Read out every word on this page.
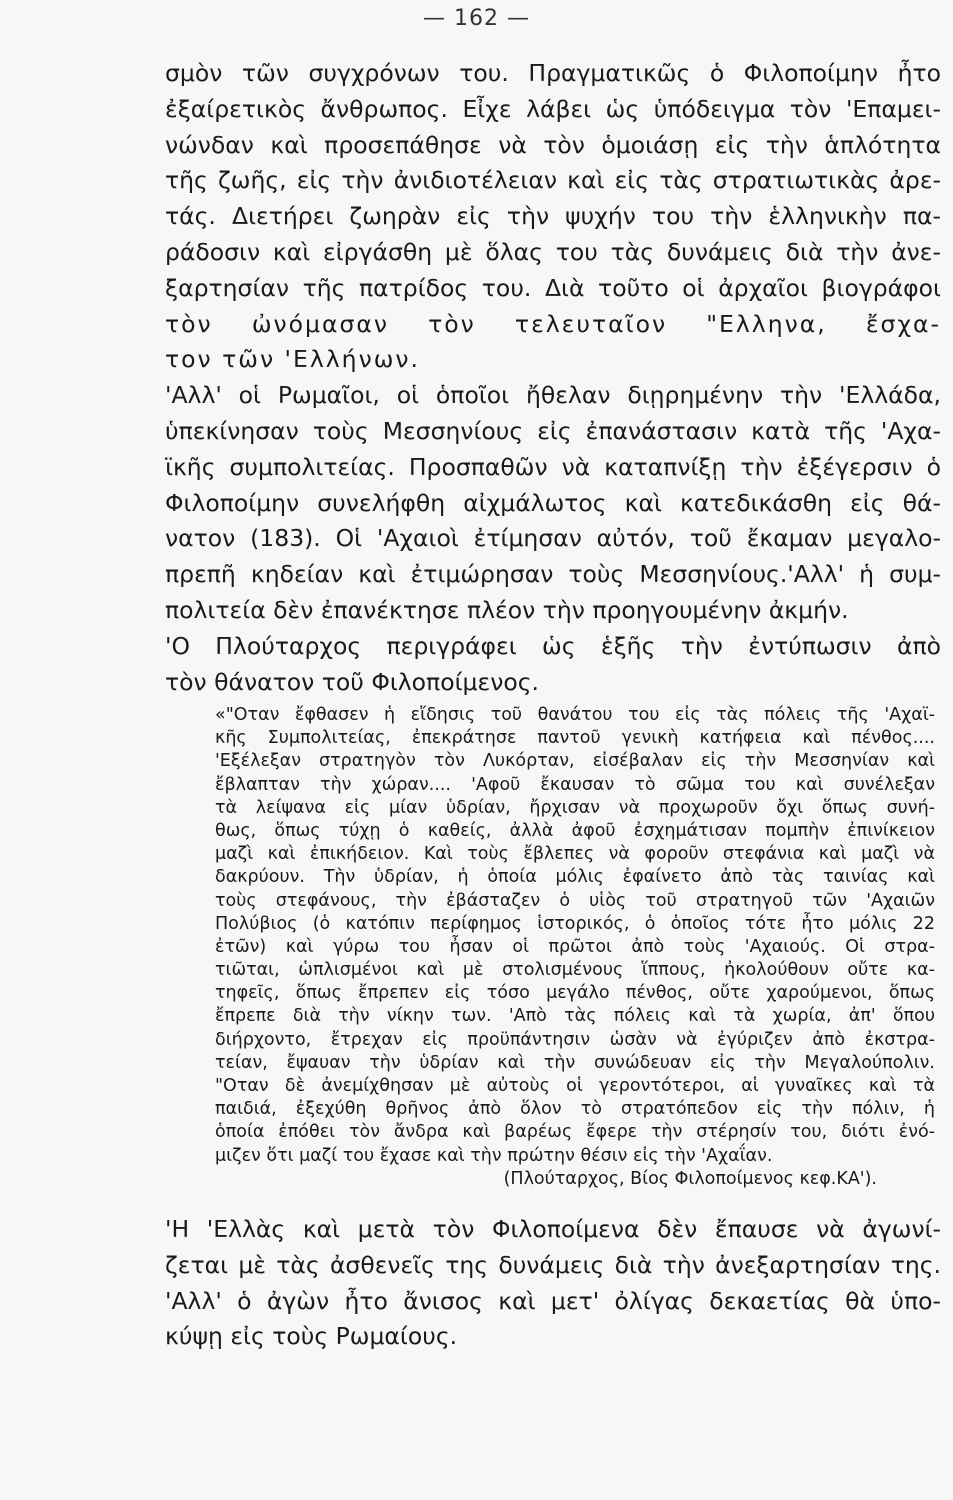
— 162 —
σμὸν τῶν συγχρόνων του. Πραγματικῶς ὁ Φιλοποίμην ἦτο
ἐξαίρετικὸς ἄνθρωπος. Εἶχε λάβει ὡς ὑπόδειγμα τὸν 'Επαμει-
νώνδαν καὶ προσεπάθησε νὰ τὸν ὁμοιάσῃ εἰς τὴν ἁπλότητα
τῆς ζωῆς, εἰς τὴν ἀνιδιοτέλειαν καὶ εἰς τὰς στρατιωτικὰς ἀρε-
τάς. Διετήρει ζωηρὰν εἰς τὴν ψυχήν του τὴν ἑλληνικὴν πα-
ράδοσιν καὶ εἰργάσθη μὲ ὅλας του τὰς δυνάμεις διὰ τὴν ἀνε-
ξαρτησίαν τῆς πατρίδος του. Διὰ τοῦτο οἱ ἀρχαῖοι βιογράφοι
τὸν ὠνόμασαν τὸν τελευταῖον "Ελληνα, ἔσχα-
τον τῶν 'Ελλήνων.
'Αλλ' οἱ Ρωμαῖοι, οἱ ὁποῖοι ἤθελαν διῃρημένην τὴν 'Ελλάδα,
ὑπεκίνησαν τοὺς Μεσσηνίους εἰς ἐπανάστασιν κατὰ τῆς 'Αχα-
ϊκῆς συμπολιτείας. Προσπαθῶν νὰ καταπνίξῃ τὴν ἐξέγερσιν ὁ
Φιλοποίμην συνελήφθη αἰχμάλωτος καὶ κατεδικάσθη εἰς θά-
νατον (183). Οἱ 'Αχαιοὶ ἐτίμησαν αὐτόν, τοῦ ἔκαμαν μεγαλο-
πρεπῆ κηδείαν καὶ ἐτιμώρησαν τοὺς Μεσσηνίους.'Αλλ' ἡ συμ-
πολιτεία δὲν ἐπανέκτησε πλέον τὴν προηγουμένην ἀκμήν.
'Ο Πλούταρχος περιγράφει ὡς ἑξῆς τὴν ἐντύπωσιν ἀπὸ
τὸν θάνατον τοῦ Φιλοποίμενος.
«"Οταν ἔφθασεν ἡ εἴδησις τοῦ θανάτου του εἰς τὰς πόλεις τῆς 'Αχαϊ-
κῆς Συμπολιτείας, ἐπεκράτησε παντοῦ γενικὴ κατήφεια καὶ πένθος....
'Εξέλεξαν στρατηγὸν τὸν Λυκόρταν, εἰσέβαλαν εἰς τὴν Μεσσηνίαν καὶ
ἔβλαπταν τὴν χώραν.... 'Αφοῦ ἔκαυσαν τὸ σῶμα του καὶ συνέλεξαν
τὰ λείψανα εἰς μίαν ὑδρίαν, ἤρχισαν νὰ προχωροῦν ὄχι ὅπως συνή-
θως, ὅπως τύχῃ ὁ καθείς, ἀλλὰ ἀφοῦ ἐσχημάτισαν πομπὴν ἐπινίκειον
μαζὶ καὶ ἐπικήδειον. Καὶ τοὺς ἔβλεπες νὰ φοροῦν στεφάνια καὶ μαζὶ νὰ
δακρύουν. Τὴν ὑδρίαν, ἡ ὁποία μόλις ἐφαίνετο ἀπὸ τὰς ταινίας καὶ
τοὺς στεφάνους, τὴν ἐβάσταζεν ὁ υἱὸς τοῦ στρατηγοῦ τῶν 'Αχαιῶν
Πολύβιος (ὁ κατόπιν περίφημος ἱστορικός, ὁ ὁποῖος τότε ἦτο μόλις 22
ἐτῶν) καὶ γύρω του ἦσαν οἱ πρῶτοι ἀπὸ τοὺς 'Αχαιούς. Οἱ στρα-
τιῶται, ὡπλισμένοι καὶ μὲ στολισμένους ἵππους, ἠκολούθουν οὔτε κα-
τηφεῖς, ὅπως ἔπρεπεν εἰς τόσο μεγάλο πένθος, οὔτε χαρούμενοι, ὅπως
ἔπρεπε διὰ τὴν νίκην των. 'Απὸ τὰς πόλεις καὶ τὰ χωρία, ἀπ' ὅπου
διήρχοντο, ἔτρεχαν εἰς προϋπάντησιν ὡσὰν νὰ ἐγύριζεν ἀπὸ ἐκστρα-
τείαν, ἔψαυαν τὴν ὑδρίαν καὶ τὴν συνώδευαν εἰς τὴν Μεγαλούπολιν.
"Οταν δὲ ἀνεμίχθησαν μὲ αὐτοὺς οἱ γεροντότεροι, αἱ γυναῖκες καὶ τὰ
παιδιά, ἐξεχύθη θρῆνος ἀπὸ ὅλον τὸ στρατόπεδον εἰς τὴν πόλιν, ἡ
ὁποία ἐπόθει τὸν ἄνδρα καὶ βαρέως ἔφερε τὴν στέρησίν του, διότι ἐνό-
μιζεν ὅτι μαζί του ἔχασε καὶ τὴν πρώτην θέσιν εἰς τὴν 'Αχαΐαν.
(Πλούταρχος, Βίος Φιλοποίμενος κεφ.ΚΑ').
'Η 'Ελλὰς καὶ μετὰ τὸν Φιλοποίμενα δὲν ἔπαυσε νὰ ἀγωνί-
ζεται μὲ τὰς ἀσθενεῖς της δυνάμεις διὰ τὴν ἀνεξαρτησίαν της.
'Αλλ' ὁ ἀγὼν ἦτο ἄνισος καὶ μετ' ὀλίγας δεκαετίας θὰ ὑπο-
κύψῃ εἰς τοὺς Ρωμαίους.
